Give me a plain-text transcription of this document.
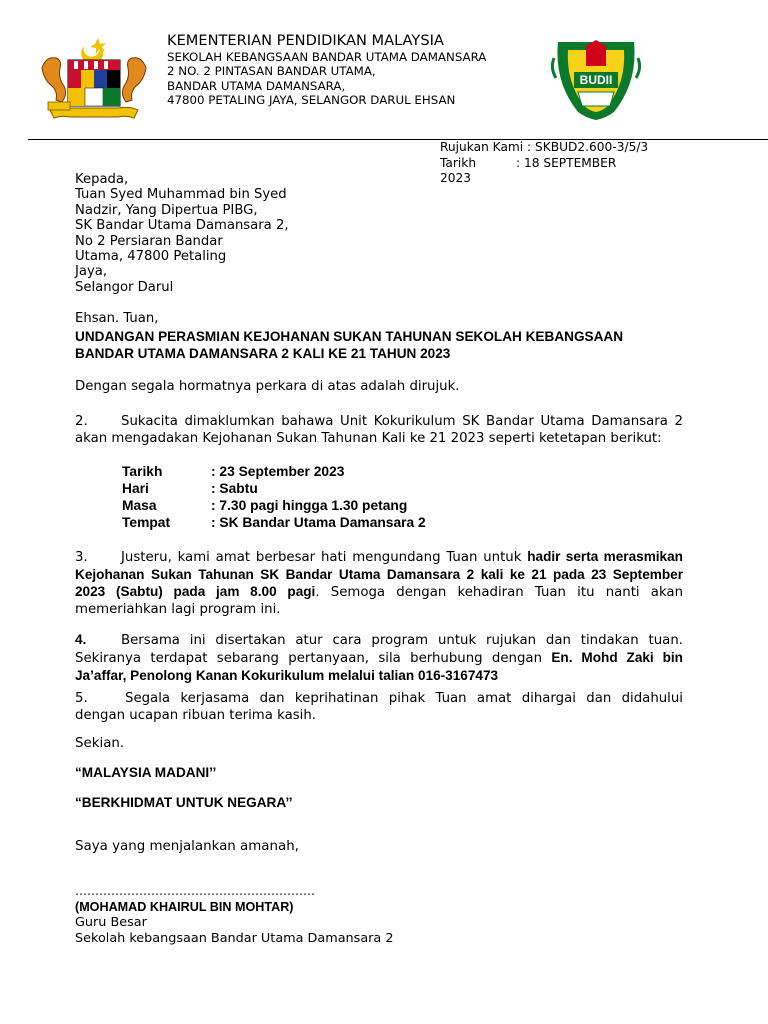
KEMENTERIAN PENDIDIKAN MALAYSIA
SEKOLAH KEBANGSAAN BANDAR UTAMA DAMANSARA
2 NO. 2 PINTASAN BANDAR UTAMA,
BANDAR UTAMA DAMANSARA,
47800 PETALING JAYA, SELANGOR DARUL EHSAN
BUDII
Rujukan Kami : SKBUD2.600-3/5/3
Tarikh	: 18 SEPTEMBER
2023
Kepada,
Tuan Syed Muhammad bin Syed
Nadzir, Yang Dipertua PIBG,
SK Bandar Utama Damansara 2,
No 2 Persiaran Bandar
Utama, 47800 Petaling
Jaya,
Selangor Darul
Ehsan. Tuan,
UNDANGAN PERASMIAN KEJOHANAN SUKAN TAHUNAN SEKOLAH KEBANGSAAN
BANDAR UTAMA DAMANSARA 2 KALI KE 21 TAHUN 2023
Dengan segala hormatnya perkara di atas adalah dirujuk.
2.	Sukacita dimaklumkan bahawa Unit Kokurikulum SK Bandar Utama Damansara 2
akan mengadakan Kejohanan Sukan Tahunan Kali ke 21 2023 seperti ketetapan berikut:
Tarikh	: 23 September 2023
Hari	: Sabtu
Masa	: 7.30 pagi hingga 1.30 petang
Tempat	: SK Bandar Utama Damansara 2
3.	Justeru, kami amat berbesar hati mengundang Tuan untuk hadir serta merasmikan
Kejohanan Sukan Tahunan SK Bandar Utama Damansara 2 kali ke 21 pada 23 September
2023 (Sabtu) pada jam 8.00 pagi. Semoga dengan kehadiran Tuan itu nanti akan
memeriahkan lagi program ini.
4.	Bersama ini disertakan atur cara program untuk rujukan dan tindakan tuan.
Sekiranya terdapat sebarang pertanyaan, sila berhubung dengan En. Mohd Zaki bin
Ja’affar, Penolong Kanan Kokurikulum melalui talian 016-3167473
5.	Segala kerjasama dan keprihatinan pihak Tuan amat dihargai dan didahului
dengan ucapan ribuan terima kasih.
Sekian.
“MALAYSIA MADANI’’
“BERKHIDMAT UNTUK NEGARA’’
Saya yang menjalankan amanah,
……………………………………………………
(MOHAMAD KHAIRUL BIN MOHTAR)
Guru Besar
Sekolah kebangsaan Bandar Utama Damansara 2
